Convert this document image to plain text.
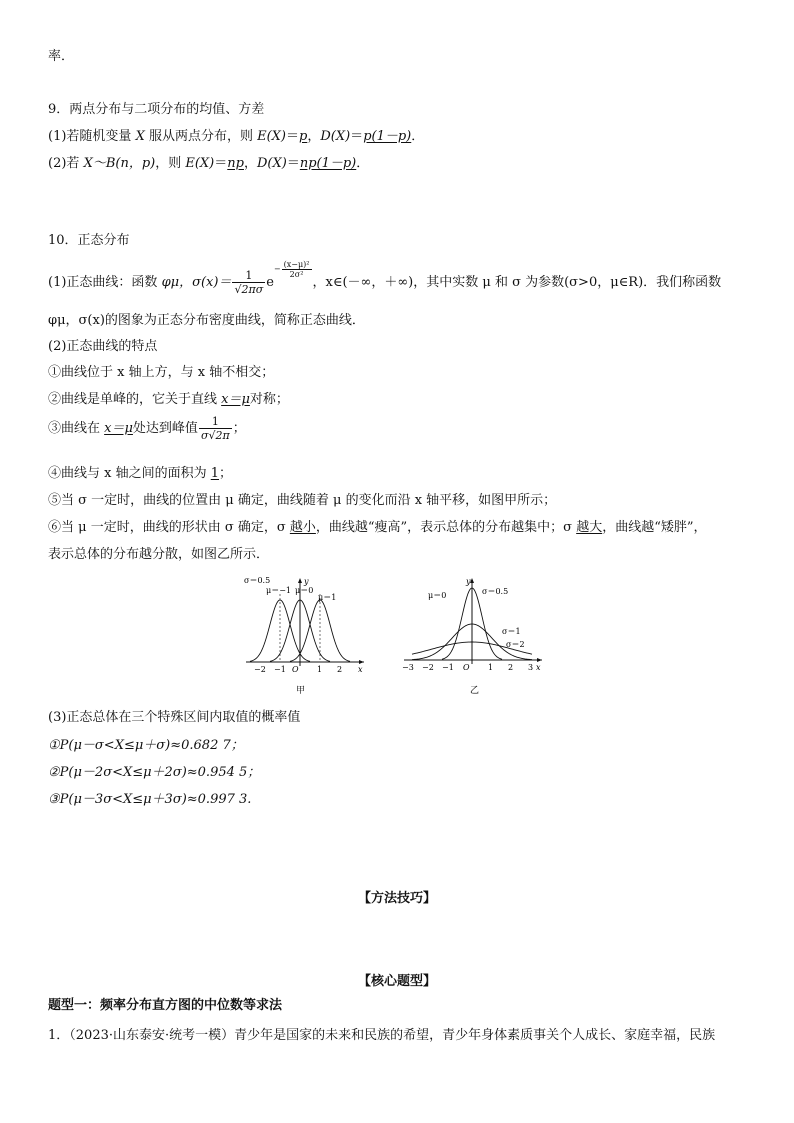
率．
9．两点分布与二项分布的均值、方差
(1)若随机变量 X 服从两点分布，则 E(X)＝p，D(X)＝p(1－p)．
(2)若 X～B(n，p)，则 E(X)＝np，D(X)＝np(1－p)．
10．正态分布
(1)正态曲线：函数 φμ，$\sigma(x)= \frac{1}{√2\pi\sigma} e- \frac{\text{(x−μ)²}}{\text{2σ²}}$
，x∈(－∞，＋∞)，其中实数 μ 和 σ 为参数(σ>0，μ∈R)．我们称函数
φμ，σ(x)的图象为正态分布密度曲线，简称正态曲线．
(2)正态曲线的特点
①曲线位于 x 轴上方，与 x 轴不相交；
②曲线是单峰的，它关于直线 x＝μ对称；
③曲线在 x＝μ处达到峰值 $\frac{1}{\sigma√2\pi}$ ；
④曲线与 x 轴之间的面积为 1；
⑤当 σ 一定时，曲线的位置由 μ 确定，曲线随着 μ 的变化而沿 x 轴平移，如图甲所示；
⑥当 μ 一定时，曲线的形状由 σ 确定，σ 越小，曲线越“瘦高”，表示总体的分布越集中；σ 越大，曲线越“矮胖”，
表示总体的分布越分散，如图乙所示．
σ＝0.5
μ＝−1 μ＝0
μ＝1
y
x
−2 −1 O 1 2
甲
μ＝0	σ＝0.5
σ＝1
σ＝2
y
x
−3 −2 −1 O 1 2 3
乙
(3)正态总体在三个特殊区间内取值的概率值
①P(μ－σ<X≤μ＋σ)≈0.682 7；
②P(μ－2σ<X≤μ＋2σ)≈0.954 5；
③P(μ－3σ<X≤μ＋3σ)≈0.997 3.
【方法技巧】
【核心题型】
题型一：频率分布直方图的中位数等求法
1．（2023·山东泰安·统考一模）青少年是国家的未来和民族的希望，青少年身体素质事关个人成长、家庭幸福，民族
